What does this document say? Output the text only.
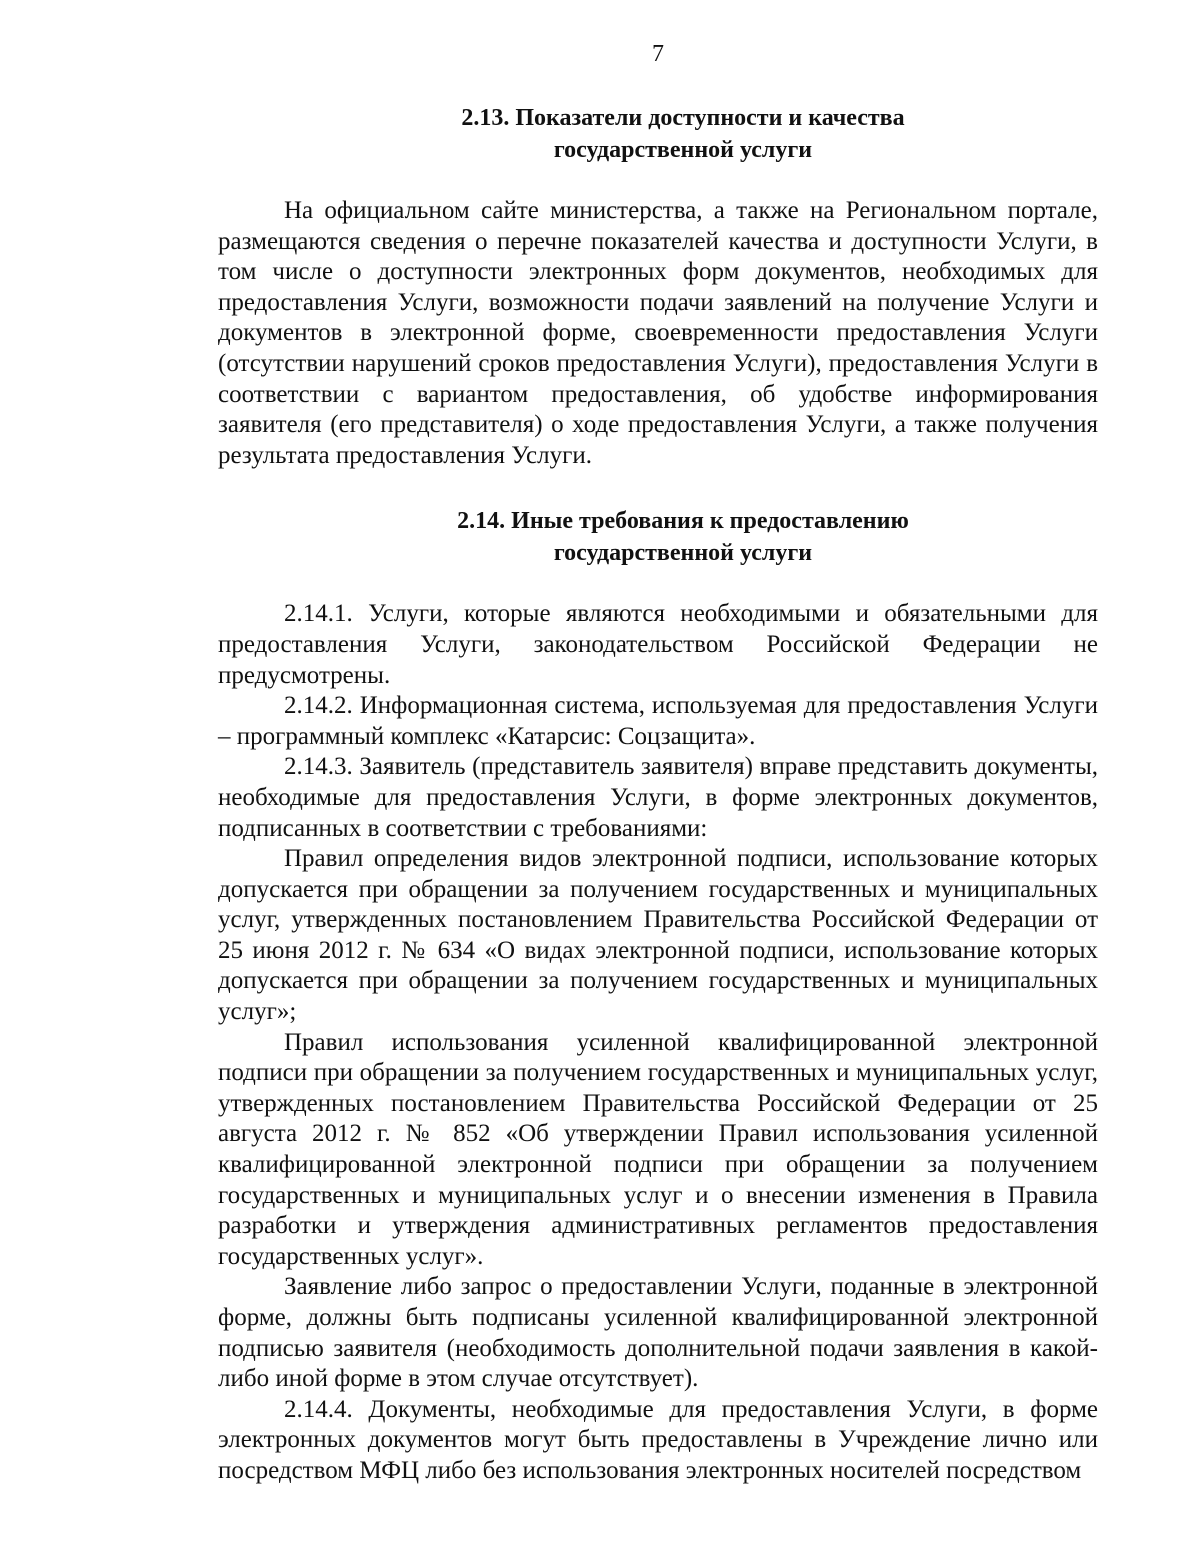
7
2.13. Показатели доступности и качества
государственной услуги

На официальном сайте министерства, а также на Региональном портале, размещаются сведения о перечне показателей качества и доступности Услуги, в том числе о доступности электронных форм документов, необходимых для предоставления Услуги, возможности подачи заявлений на получение Услуги и документов в электронной форме, своевременности предоставления Услуги (отсутствии нарушений сроков предоставления Услуги), предоставления Услуги в соответствии с вариантом предоставления, об удобстве информирования заявителя (его представителя) о ходе предоставления Услуги, а также получения результата предоставления Услуги.

2.14. Иные требования к предоставлению
государственной услуги

2.14.1. Услуги, которые являются необходимыми и обязательными для предоставления Услуги, законодательством Российской Федерации не предусмотрены.

2.14.2. Информационная система, используемая для предоставления Услуги – программный комплекс «Катарсис: Соцзащита».

2.14.3. Заявитель (представитель заявителя) вправе представить документы, необходимые для предоставления Услуги, в форме электронных документов, подписанных в соответствии с требованиями:

Правил определения видов электронной подписи, использование которых допускается при обращении за получением государственных и муниципальных услуг, утвержденных постановлением Правительства Российской Федерации от 25 июня 2012 г. № 634 «О видах электронной подписи, использование которых допускается при обращении за получением государственных и муниципальных услуг»;

Правил использования усиленной квалифицированной электронной подписи при обращении за получением государственных и муниципальных услуг, утвержденных постановлением Правительства Российской Федерации от 25 августа 2012 г. № 852 «Об утверждении Правил использования усиленной квалифицированной электронной подписи при обращении за получением государственных и муниципальных услуг и о внесении изменения в Правила разработки и утверждения административных регламентов предоставления государственных услуг».

Заявление либо запрос о предоставлении Услуги, поданные в электронной форме, должны быть подписаны усиленной квалифицированной электронной подписью заявителя (необходимость дополнительной подачи заявления в какой-либо иной форме в этом случае отсутствует).

2.14.4. Документы, необходимые для предоставления Услуги, в форме электронных документов могут быть предоставлены в Учреждение лично или посредством МФЦ либо без использования электронных носителей посредством
